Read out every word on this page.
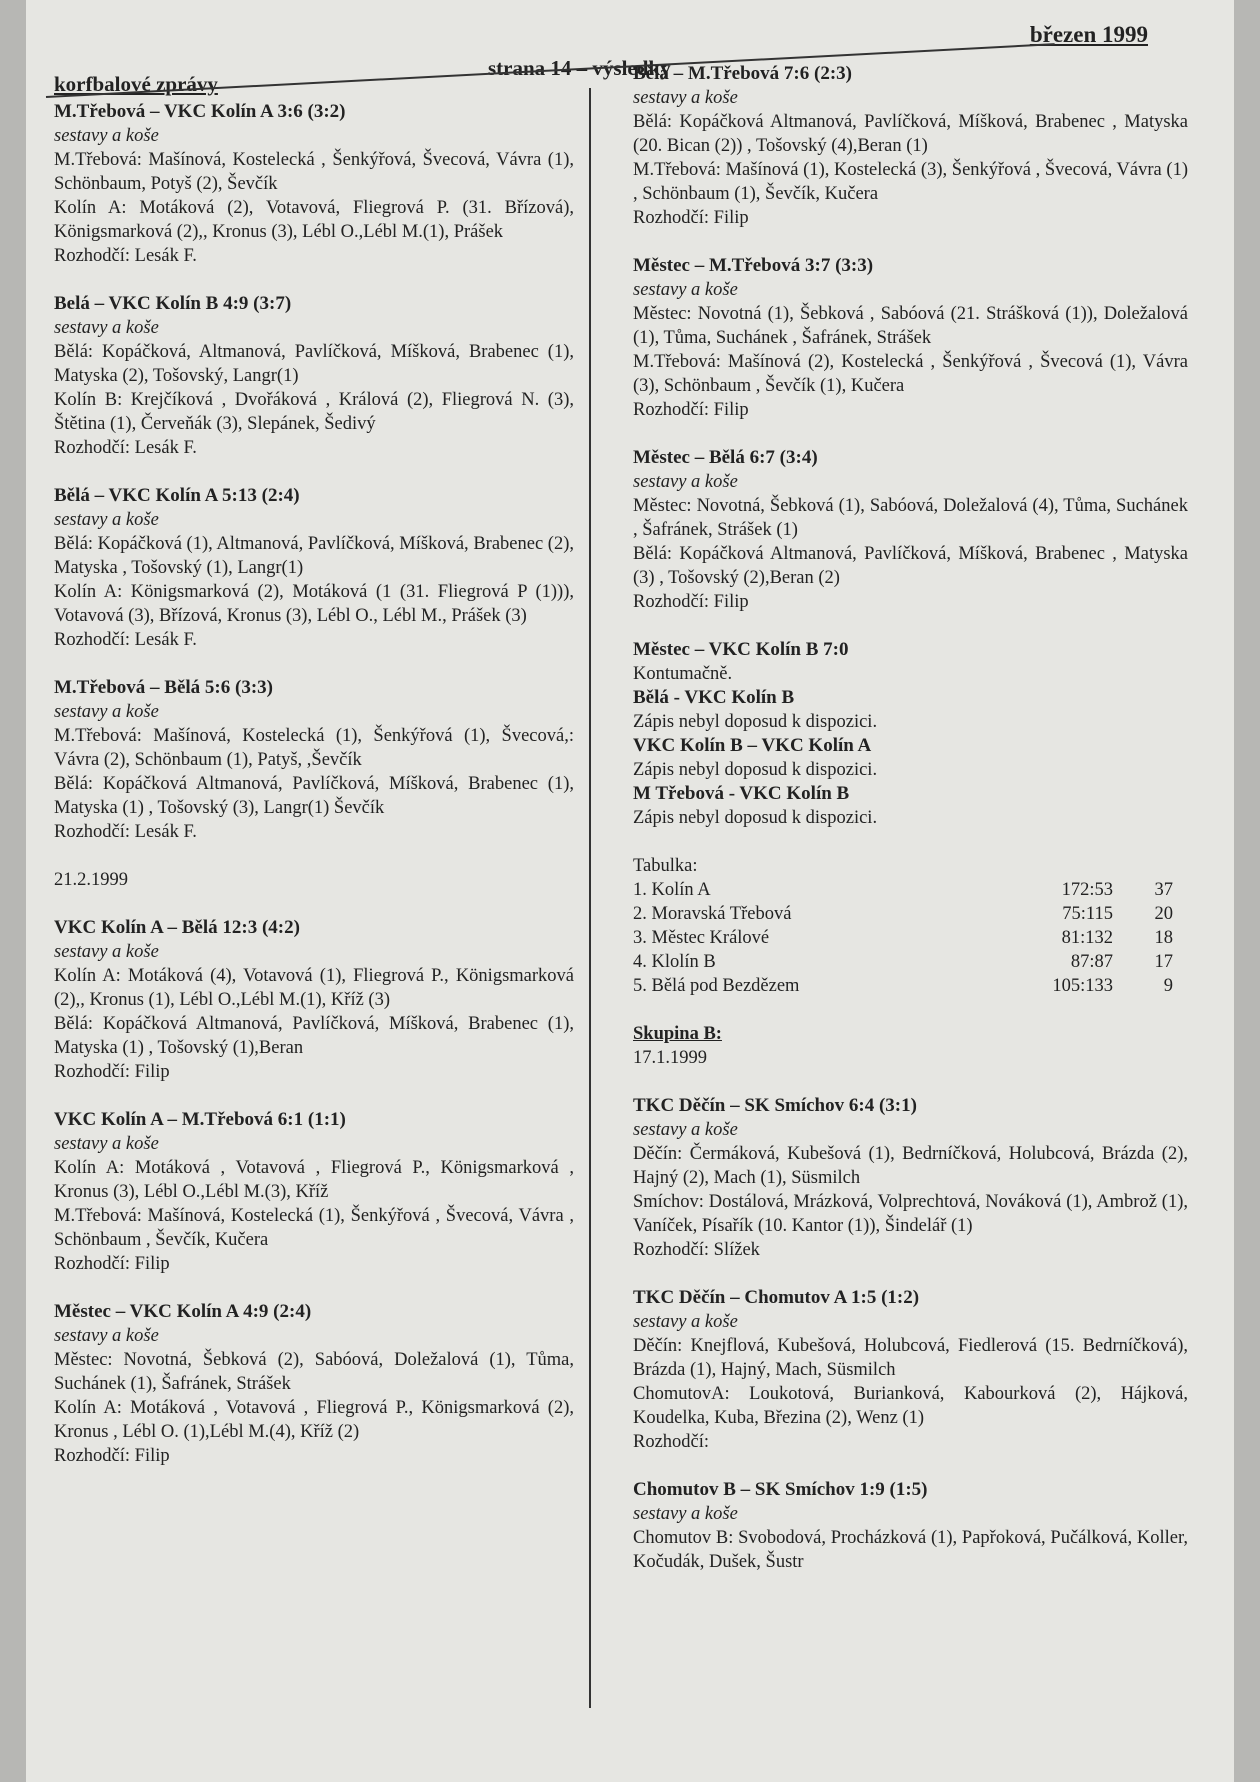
březen 1999
strana 14 – výsledky
korfbalové zprávy
M.Třebová – VKC Kolín A 3:6 (3:2)
sestavy a koše
M.Třebová: Mašínová, Kostelecká , Šenkýřová, Švecová, Vávra (1), Schönbaum, Potyš (2), Ševčík
Kolín A: Motáková (2), Votavová, Fliegrová P. (31. Břízová), Königsmarková (2),, Kronus (3), Lébl O.,Lébl M.(1), Prášek
Rozhodčí: Lesák F.
Belá – VKC Kolín B 4:9 (3:7)
sestavy a koše
Bělá: Kopáčková, Altmanová, Pavlíčková, Míšková, Brabenec (1), Matyska (2), Tošovský, Langr(1)
Kolín B: Krejčíková , Dvořáková , Králová (2), Fliegrová N. (3), Štětina (1), Červeňák (3), Slepánek, Šedivý
Rozhodčí: Lesák F.
Bělá – VKC Kolín A 5:13 (2:4)
sestavy a koše
Bělá: Kopáčková (1), Altmanová, Pavlíčková, Míšková, Brabenec (2), Matyska , Tošovský (1), Langr(1)
Kolín A: Königsmarková (2), Motáková (1 (31. Fliegrová P (1))), Votavová (3), Břízová, Kronus (3), Lébl O., Lébl M., Prášek (3)
Rozhodčí: Lesák F.
M.Třebová – Bělá 5:6 (3:3)
sestavy a koše
M.Třebová: Mašínová, Kostelecká (1), Šenkýřová (1), Švecová,: Vávra (2), Schönbaum (1), Patyš, ,Ševčík
Bělá: Kopáčková Altmanová, Pavlíčková, Míšková, Brabenec (1), Matyska (1) , Tošovský (3), Langr(1) Ševčík
Rozhodčí: Lesák F.
21.2.1999
VKC Kolín A – Bělá 12:3 (4:2)
sestavy a koše
Kolín A: Motáková (4), Votavová (1), Fliegrová P., Königsmarková (2),, Kronus (1), Lébl O.,Lébl M.(1), Kříž (3)
Bělá: Kopáčková Altmanová, Pavlíčková, Míšková, Brabenec (1), Matyska (1) , Tošovský (1),Beran
Rozhodčí: Filip
VKC Kolín A – M.Třebová 6:1 (1:1)
sestavy a koše
Kolín A: Motáková , Votavová , Fliegrová P., Königsmarková , Kronus (3), Lébl O.,Lébl M.(3), Kříž
M.Třebová: Mašínová, Kostelecká (1), Šenkýřová , Švecová, Vávra , Schönbaum , Ševčík, Kučera
Rozhodčí: Filip
Městec – VKC Kolín A 4:9 (2:4)
sestavy a koše
Městec: Novotná, Šebková (2), Sabóová, Doležalová (1), Tůma, Suchánek (1), Šafránek, Strášek
Kolín A: Motáková , Votavová , Fliegrová P., Königsmarková (2), Kronus , Lébl O. (1),Lébl M.(4), Kříž (2)
Rozhodčí: Filip
Bělá – M.Třebová 7:6 (2:3)
sestavy a koše
Bělá: Kopáčková Altmanová, Pavlíčková, Míšková, Brabenec , Matyska (20. Bican (2)) , Tošovský (4),Beran (1)
M.Třebová: Mašínová (1), Kostelecká (3), Šenkýřová , Švecová, Vávra (1) , Schönbaum (1), Ševčík, Kučera
Rozhodčí: Filip
Městec – M.Třebová 3:7 (3:3)
sestavy a koše
Městec: Novotná (1), Šebková , Sabóová (21. Strášková (1)), Doležalová (1), Tůma, Suchánek , Šafránek, Strášek
M.Třebová: Mašínová (2), Kostelecká , Šenkýřová , Švecová (1), Vávra (3), Schönbaum , Ševčík (1), Kučera
Rozhodčí: Filip
Městec – Bělá 6:7 (3:4)
sestavy a koše
Městec: Novotná, Šebková (1), Sabóová, Doležalová (4), Tůma, Suchánek , Šafránek, Strášek (1)
Bělá: Kopáčková Altmanová, Pavlíčková, Míšková, Brabenec , Matyska (3) , Tošovský (2),Beran (2)
Rozhodčí: Filip
Městec – VKC Kolín B 7:0
Kontumačně.
Bělá - VKC Kolín B
Zápis nebyl doposud k dispozici.
VKC Kolín B – VKC Kolín A
Zápis nebyl doposud k dispozici.
M Třebová - VKC Kolín B
Zápis nebyl doposud k dispozici.
Tabulka:
1. Kolín A	172:53	37
2. Moravská Třebová	75:115	20
3. Městec Králové	81:132	18
4. Klolín B	87:87	17
5. Bělá pod Bezdězem	105:133	9
Skupina B:
17.1.1999
TKC Děčín – SK Smíchov 6:4 (3:1)
sestavy a koše
Děčín: Čermáková, Kubešová (1), Bedrníčková, Holubcová, Brázda (2), Hajný (2), Mach (1), Süsmilch
Smíchov: Dostálová, Mrázková, Volprechtová, Nováková (1), Ambrož (1), Vaníček, Písařík (10. Kantor (1)), Šindelář (1)
Rozhodčí: Slížek
TKC Děčín – Chomutov A 1:5 (1:2)
sestavy a koše
Děčín: Knejflová, Kubešová, Holubcová, Fiedlerová (15. Bedrníčková), Brázda (1), Hajný, Mach, Süsmilch
ChomutovA: Loukotová, Burianková, Kabourková (2), Hájková, Koudelka, Kuba, Březina (2), Wenz (1)
Rozhodčí:
Chomutov B – SK Smíchov 1:9 (1:5)
sestavy a koše
Chomutov B: Svobodová, Procházková (1), Papřoková, Pučálková, Koller, Kočudák, Dušek, Šustr
